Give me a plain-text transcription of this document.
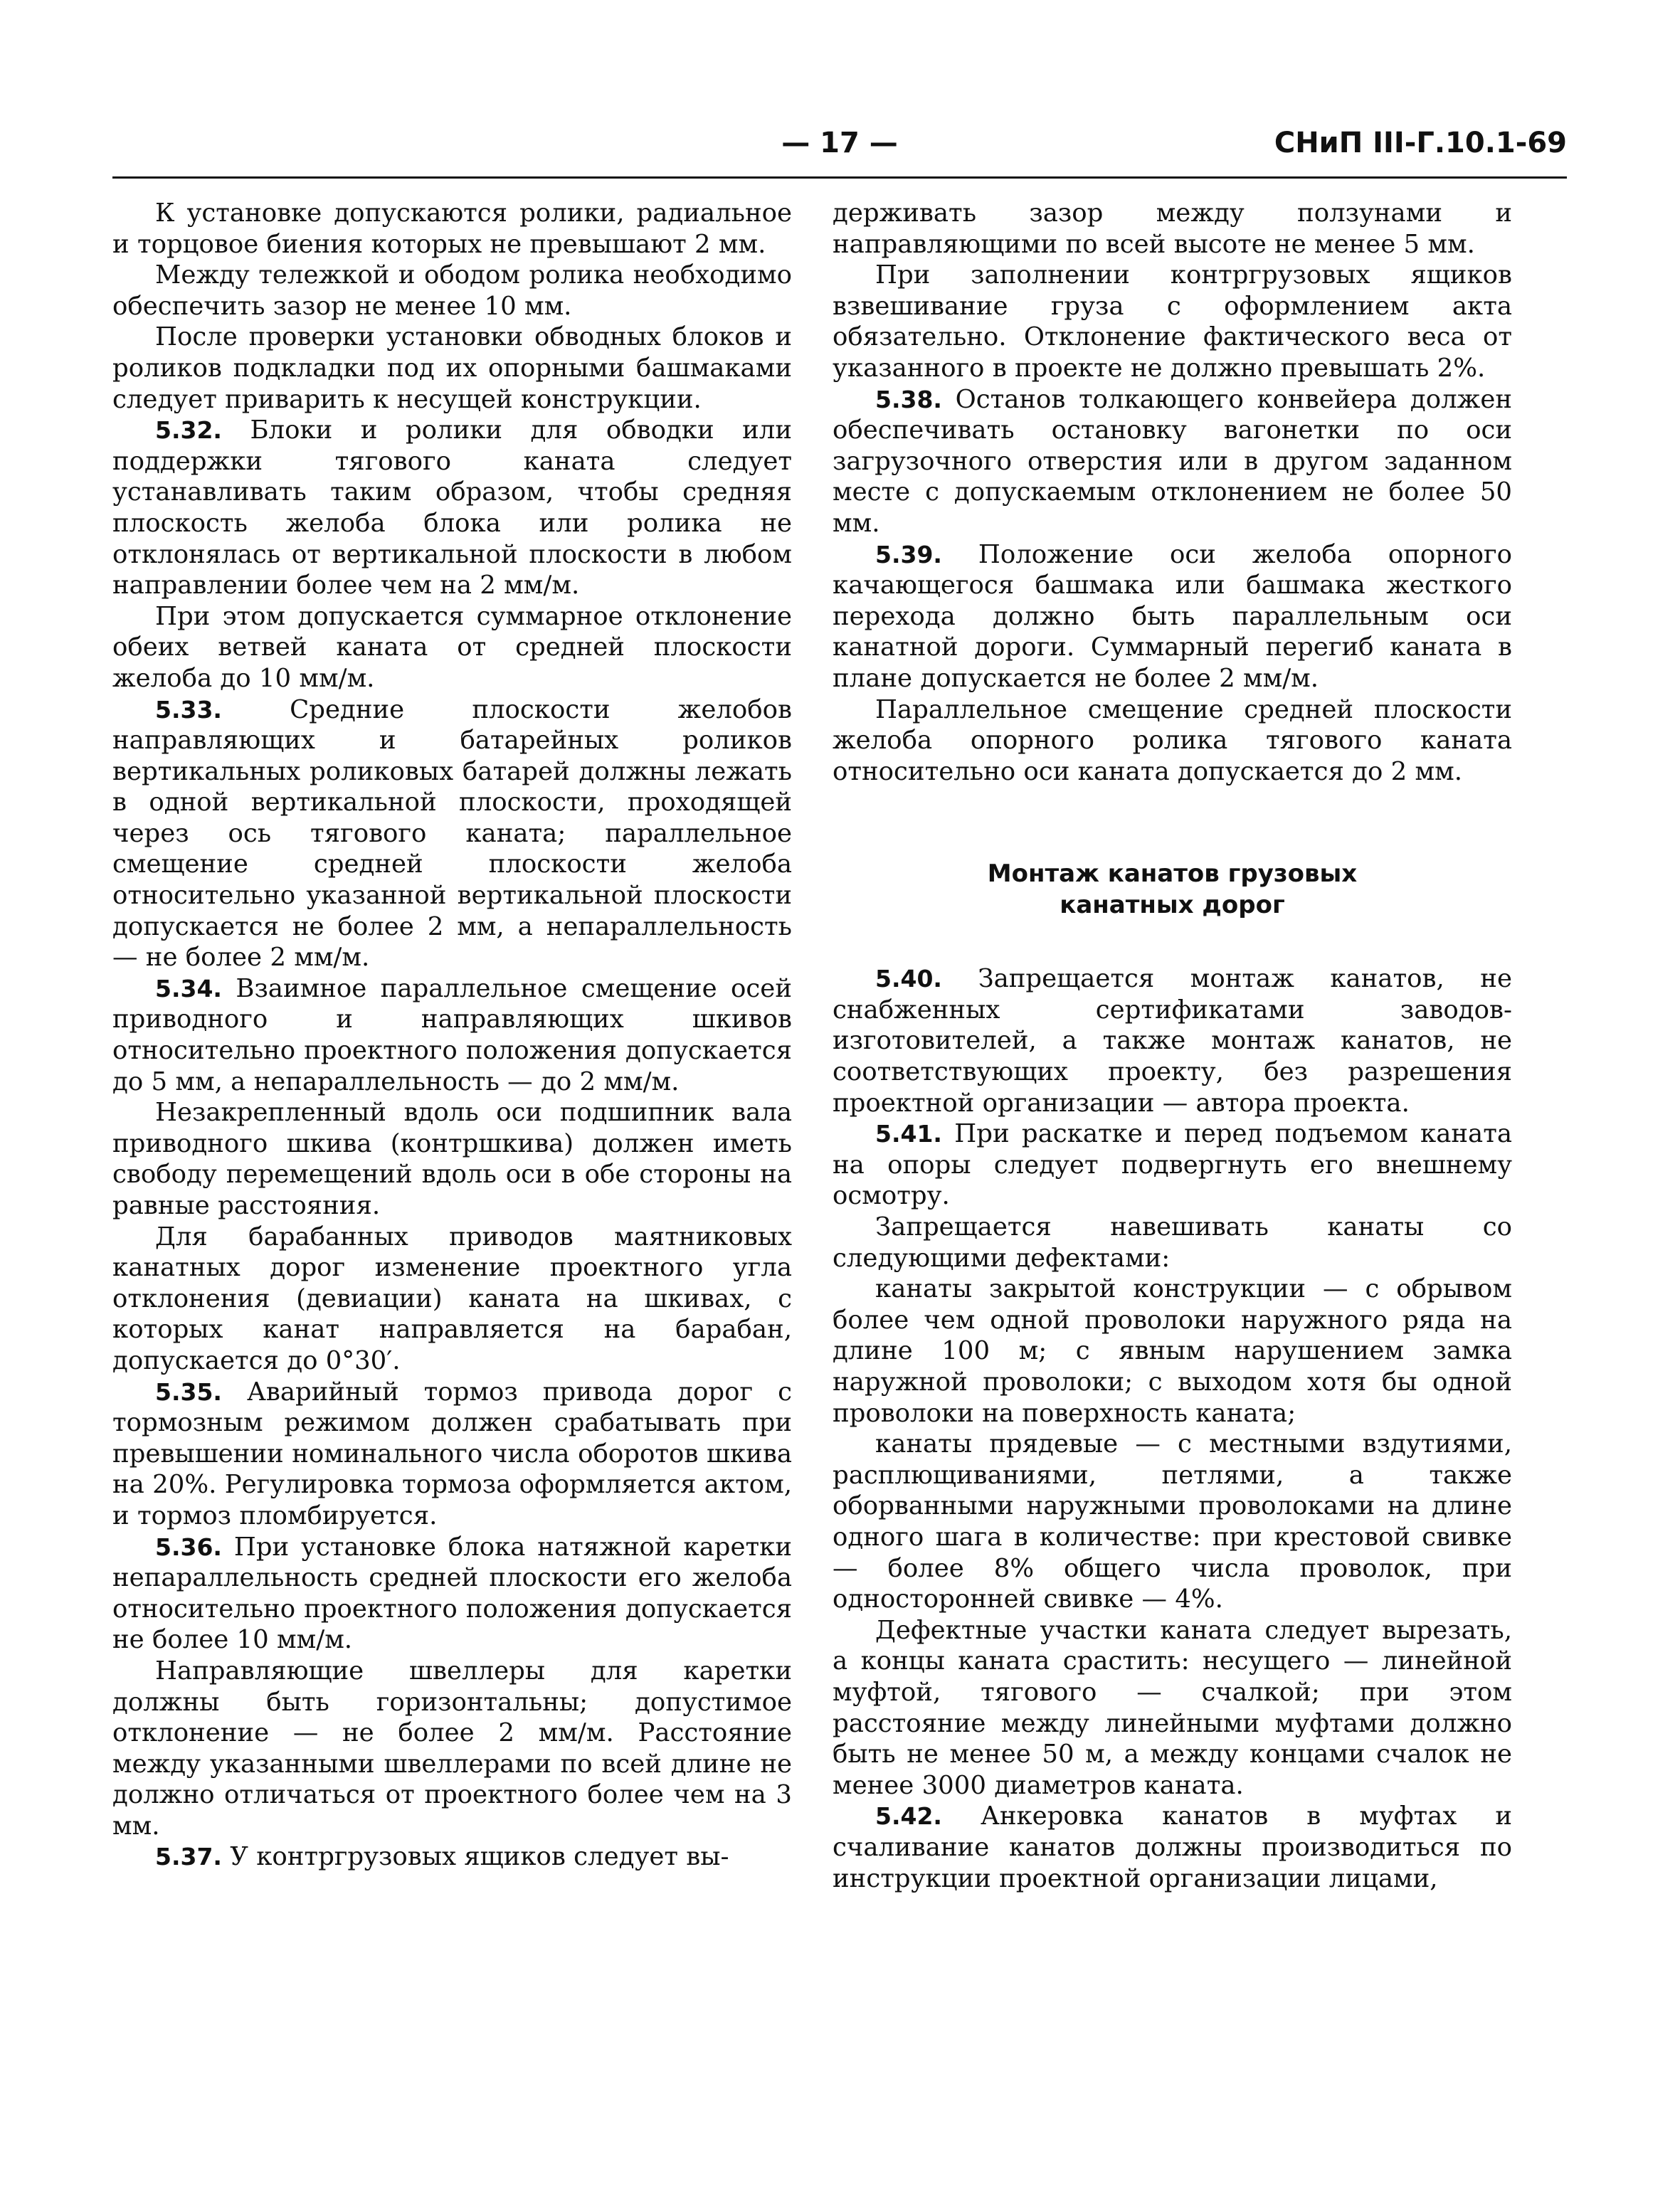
— 17 —	СНиП III-Г.10.1-69

К установке допускаются ролики, радиальное и торцовое биения которых не превышают 2 мм.

Между тележкой и ободом ролика необходимо обеспечить зазор не менее 10 мм.

После проверки установки обводных блоков и роликов подкладки под их опорными башмаками следует приварить к несущей конструкции.

5.32. Блоки и ролики для обводки или поддержки тягового каната следует устанавливать таким образом, чтобы средняя плоскость желоба блока или ролика не отклонялась от вертикальной плоскости в любом направлении более чем на 2 мм/м.

При этом допускается суммарное отклонение обеих ветвей каната от средней плоскости желоба до 10 мм/м.

5.33.	Средние плоскости желобов направляющих и батарейных роликов вертикальных роликовых батарей должны лежать в одной вертикальной плоскости, проходящей через ось тягового каната; параллельное смещение средней плоскости желоба относительно указанной вертикальной плоскости допускается не более 2 мм, а непараллельность — не более 2 мм/м.

5.34. Взаимное параллельное смещение осей приводного и направляющих шкивов относительно проектного положения допускается до 5 мм, а непараллельность — до 2 мм/м.

Незакрепленный вдоль оси подшипник вала приводного шкива (контршкива) должен иметь свободу перемещений вдоль оси в обе стороны на равные расстояния.

Для барабанных приводов маятниковых канатных дорог изменение проектного угла отклонения (девиации) каната на шкивах, с которых канат направляется на барабан, допускается до 0°30′.

5.35. Аварийный тормоз привода дорог с тормозным режимом должен срабатывать при превышении номинального числа оборотов шкива на 20%. Регулировка тормоза оформляется актом, и тормоз пломбируется.

5.36. При установке блока натяжной каретки непараллельность средней плоскости его желоба относительно проектного положения допускается не более 10 мм/м.

Направляющие швеллеры для каретки должны быть горизонтальны; допустимое отклонение — не более 2 мм/м. Расстояние между указанными швеллерами по всей длине не должно отличаться от проектного более чем на 3 мм.

5.37. У контргрузовых ящиков следует вы-

держивать зазор между ползунами и направляющими по всей высоте не менее 5 мм.

При заполнении контргрузовых ящиков взвешивание груза с оформлением акта обязательно. Отклонение фактического веса от указанного в проекте не должно превышать 2%.

5.38. Останов толкающего конвейера должен обеспечивать остановку вагонетки по оси загрузочного отверстия или в другом заданном месте с допускаемым отклонением не более 50 мм.

5.39. Положение оси желоба опорного качающегося башмака или башмака жесткого перехода должно быть параллельным оси канатной дороги. Суммарный перегиб каната в плане допускается не более 2 мм/м.

Параллельное смещение средней плоскости желоба опорного ролика тягового каната относительно оси каната допускается до 2 мм.

Монтаж канатов грузовых
канатных дорог

5.40. Запрещается монтаж канатов, не снабженных сертификатами заводов-изготовителей, а также монтаж канатов, не соответствующих проекту, без разрешения проектной организации — автора проекта.

5.41. При раскатке и перед подъемом каната на опоры следует подвергнуть его внешнему осмотру.

Запрещается навешивать канаты со следующими дефектами:

канаты закрытой конструкции — с обрывом более чем одной проволоки наружного ряда на длине 100 м; с явным нарушением замка наружной проволоки; с выходом хотя бы одной проволоки на поверхность каната;

канаты прядевые — с местными вздутиями, расплющиваниями, петлями, а также оборванными наружными проволоками на длине одного шага в количестве: при крестовой свивке — более 8% общего числа проволок, при односторонней свивке — 4%.

Дефектные участки каната следует вырезать, а концы каната срастить: несущего — линейной муфтой, тягового — счалкой; при этом расстояние между линейными муфтами должно быть не менее 50 м, а между концами счалок не менее 3000 диаметров каната.

5.42. Анкеровка канатов в муфтах и счаливание канатов должны производиться по инструкции проектной организации лицами,
